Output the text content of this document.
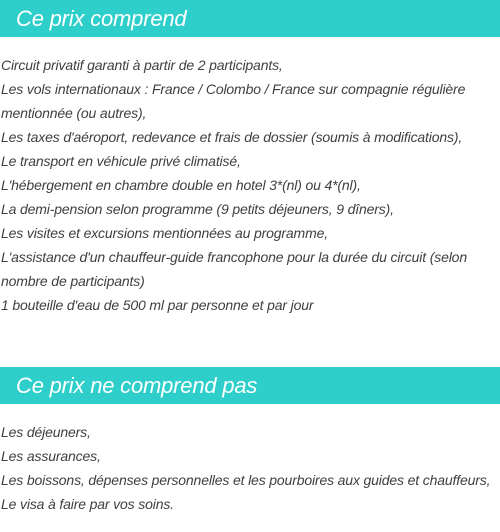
Ce prix comprend
Circuit privatif garanti à partir de 2 participants,
Les vols internationaux : France / Colombo / France sur compagnie régulière mentionnée (ou autres),
Les taxes d'aéroport, redevance et frais de dossier (soumis à modifications),
Le transport en véhicule privé climatisé,
L'hébergement en chambre double en hotel 3*(nl) ou 4*(nl),
La demi-pension selon programme (9 petits déjeuners, 9 dîners),
Les visites et excursions mentionnées au programme,
L'assistance d'un chauffeur-guide francophone pour la durée du circuit (selon nombre de participants)
1 bouteille d'eau de 500 ml par personne et par jour
Ce prix ne comprend pas
Les déjeuners,
Les assurances,
Les boissons, dépenses personnelles et les pourboires aux guides et chauffeurs,
Le visa à faire par vos soins.
